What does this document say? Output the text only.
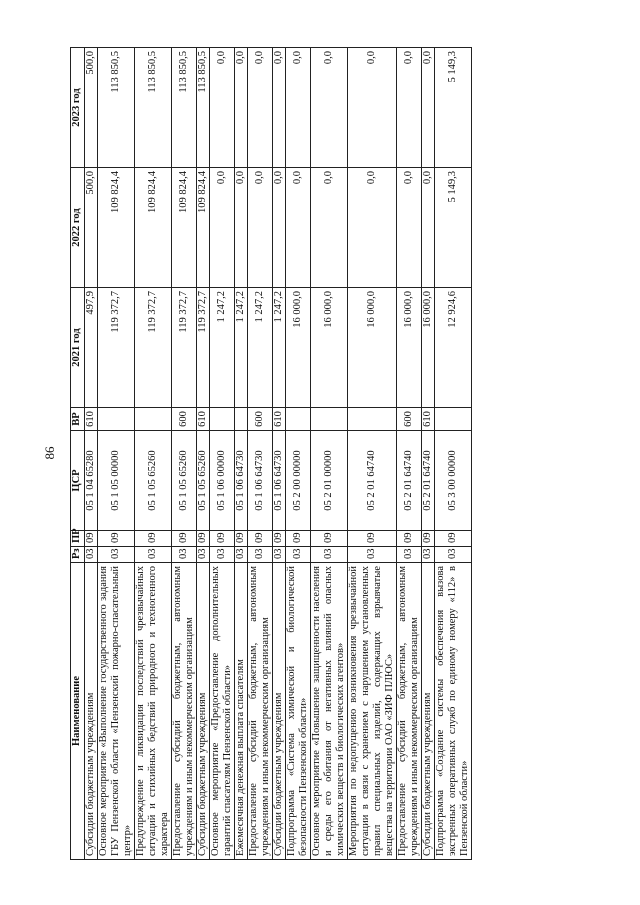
86
Наименование	Рз	ПР	ЦСР	ВР	2021 год	2022 год	2023 год
Субсидии бюджетным учреждениям	03	09	05 1 04 65280	610	497,9	500,0	500,0
Основное мероприятие «Выполнение государственного задания ГБУ Пензенской области «Пензенский пожарно-спасательный центр»	03	09	05 1 05 00000		119 372,7	109 824,4	113 850,5
Предупреждение и ликвидация последствий чрезвычайных ситуаций и стихийных бедствий природного и техногенного характера	03	09	05 1 05 65260		119 372,7	109 824,4	113 850,5
Предоставление субсидий бюджетным, автономным учреждениям и иным некоммерческим организациям	03	09	05 1 05 65260	600	119 372,7	109 824,4	113 850,5
Субсидии бюджетным учреждениям	03	09	05 1 05 65260	610	119 372,7	109 824,4	113 850,5
Основное мероприятие «Предоставление дополнительных гарантий спасателям Пензенской области»	03	09	05 1 06 00000		1 247,2	0,0	0,0
Ежемесячная денежная выплата спасателям	03	09	05 1 06 64730		1 247,2	0,0	0,0
Предоставление субсидий бюджетным, автономным учреждениям и иным некоммерческим организациям	03	09	05 1 06 64730	600	1 247,2	0,0	0,0
Субсидии бюджетным учреждениям	03	09	05 1 06 64730	610	1 247,2	0,0	0,0
Подпрограмма «Система химической и биологической безопасности Пензенской области»	03	09	05 2 00 00000		16 000,0	0,0	0,0
Основное мероприятие «Повышение защищенности населения и среды его обитания от негативных влияний опасных химических веществ и биологических агентов»	03	09	05 2 01 00000		16 000,0	0,0	0,0
Мероприятия по недопущению возникновения чрезвычайной ситуации в связи с хранением с нарушением установленных правил специальных изделий, содержащих взрывчатые вещества на территории ОАО «ЗИФ ПЛЮС»	03	09	05 2 01 64740		16 000,0	0,0	0,0
Предоставление субсидий бюджетным, автономным учреждениям и иным некоммерческим организациям	03	09	05 2 01 64740	600	16 000,0	0,0	0,0
Субсидии бюджетным учреждениям	03	09	05 2 01 64740	610	16 000,0	0,0	0,0
Подпрограмма «Создание системы обеспечения вызова экстренных оперативных служб по единому номеру «112» в Пензенской области»	03	09	05 3 00 00000		12 924,6	5 149,3	5 149,3
